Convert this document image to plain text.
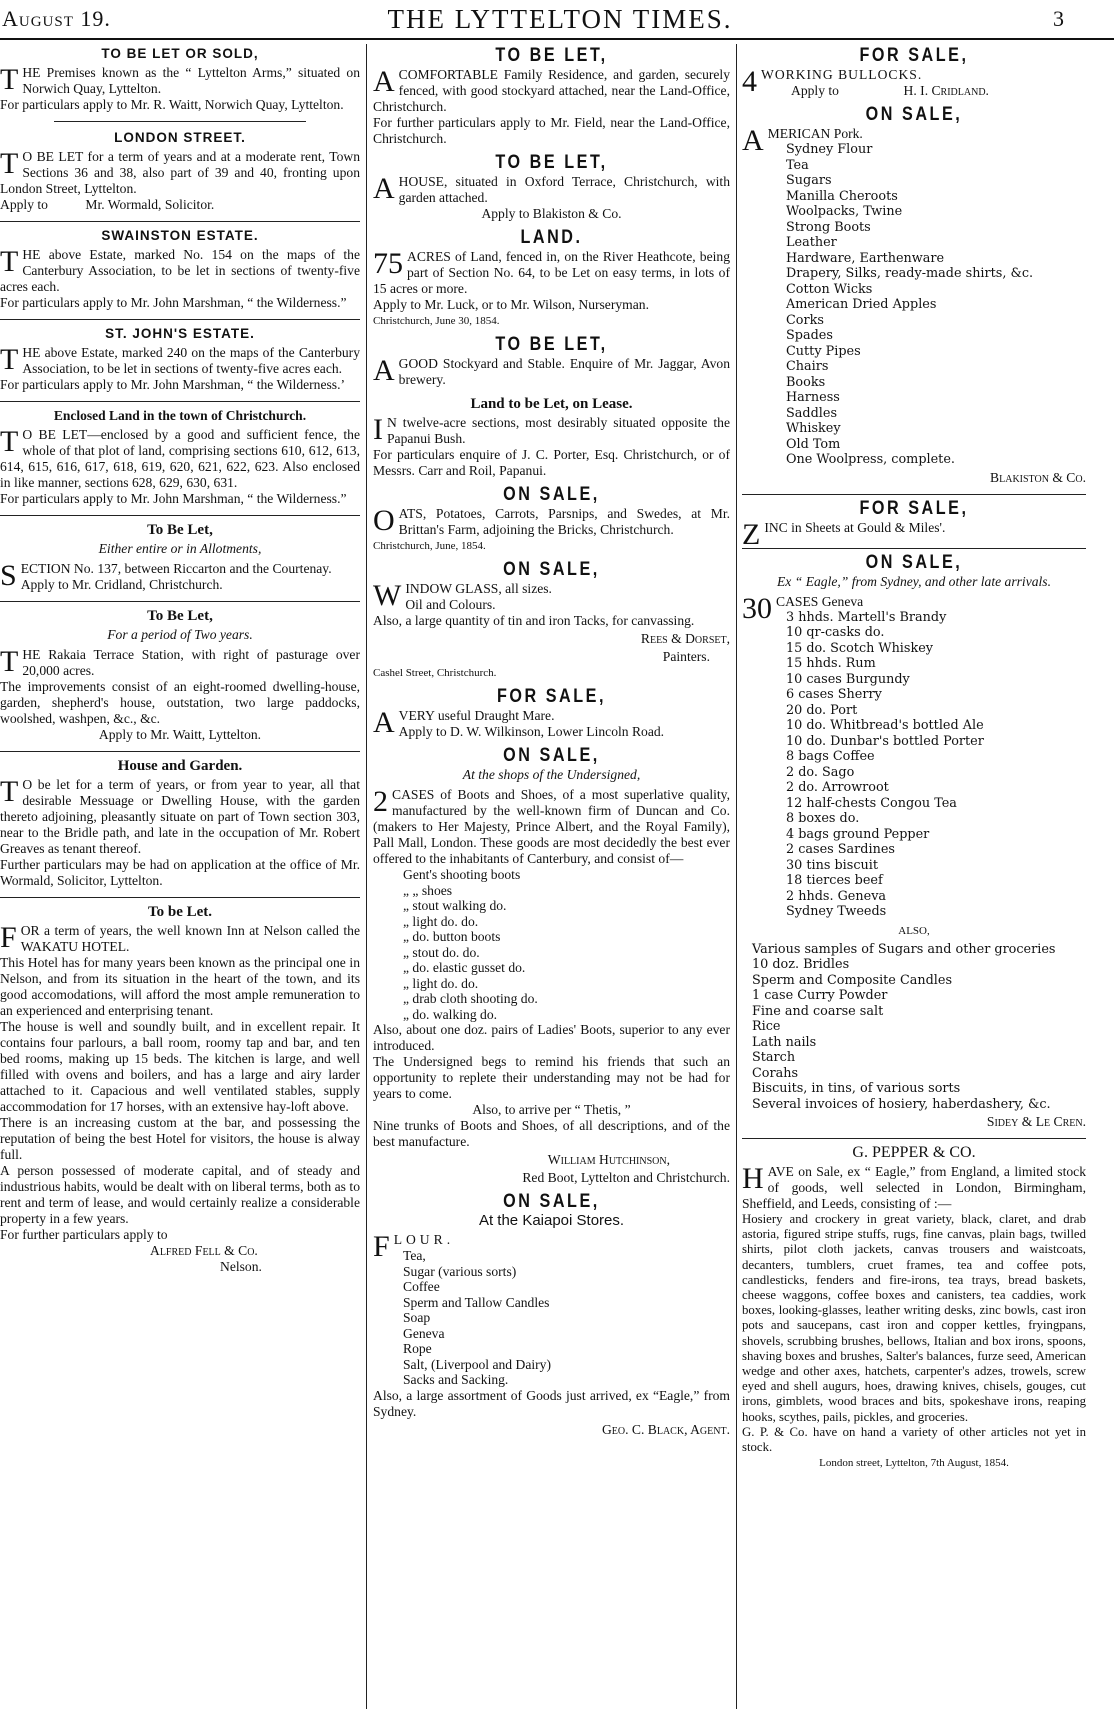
August 19.	THE LYTTELTON TIMES.	3
TO BE LET OR SOLD,

THE Premises known as the “ Lyttelton Arms,” situated on Norwich Quay, Lyttelton.

For particulars apply to Mr. R. Waitt, Norwich Quay, Lyttelton.

LONDON STREET.

T O BE LET for a term of years and at a moderate rent, Town Sections 36 and 38, also part of 39 and 40, fronting upon London Street, Lyttelton.

Apply to	Mr. Wormald, Solicitor.

SWAINSTON ESTATE.

THE above Estate, marked No. 154 on the maps of the Canterbury Association, to be let in sections of twenty-five acres each.

For particulars apply to Mr. John Marshman, “ the Wilderness.”

ST. JOHN'S ESTATE.

THE above Estate, marked 240 on the maps of the Canterbury Association, to be let in sections of twenty-five acres each.

For particulars apply to Mr. John Marshman, “ the Wilderness.’

Enclosed Land in the town of Christchurch.

T O BE LET—enclosed by a good and sufficient fence, the whole of that plot of land, comprising sections 610, 612, 613, 614, 615, 616, 617, 618, 619, 620, 621, 622, 623. Also enclosed in like manner, sections 628, 629, 630, 631.

For particulars apply to Mr. John Marshman, “ the Wilderness.”

To Be Let,
Either entire or in Allotments,

SECTION No. 137, between Riccarton and the Courtenay.

Apply to Mr. Cridland, Christchurch.

To Be Let,
For a period of Two years.

THE Rakaia Terrace Station, with right of pasturage over 20,000 acres.

The improvements consist of an eight-roomed dwelling-house, garden, shepherd's house, outstation, two large paddocks, woolshed, washpen, &c., &c.

Apply to Mr. Waitt, Lyttelton.

House and Garden.

T O be let for a term of years, or from year to year, all that desirable Messuage or Dwelling House, with the garden thereto adjoining, pleasantly situate on part of Town section 303, near to the Bridle path, and late in the occupation of Mr. Robert Greaves as tenant thereof.

Further particulars may be had on application at the office of Mr. Wormald, Solicitor, Lyttelton.

To be Let.

FOR a term of years, the well known Inn at Nelson called the WAKATU HOTEL.

This Hotel has for many years been known as the principal one in Nelson, and from its situation in the heart of the town, and its good accomodations, will afford the most ample remuneration to an experienced and enterprising tenant.

The house is well and soundly built, and in excellent repair. It contains four parlours, a ball room, roomy tap and bar, and ten bed rooms, making up 15 beds. The kitchen is large, and well filled with ovens and boilers, and has a large and airy larder attached to it. Capacious and well ventilated stables, supply accommodation for 17 horses, with an extensive hay-loft above.

There is an increasing custom at the bar, and possessing the reputation of being the best Hotel for visitors, the house is alway full.

A person possessed of moderate capital, and of steady and industrious habits, would be dealt with on liberal terms, both as to rent and term of lease, and would certainly realize a considerable property in a few years.

For further particulars apply to

Alfred Fell & Co.

Nelson.

TO BE LET,

ACOMFORTABLE Family Residence, and garden, securely fenced, with good stockyard attached, near the Land-Office, Christchurch.

For further particulars apply to Mr. Field, near the Land-Office, Christchurch.

TO BE LET,

AHOUSE, situated in Oxford Terrace, Christchurch, with garden attached.

Apply to Blakiston & Co.

LAND.

75 ACRES of Land, fenced in, on the River Heathcote, being part of Section No. 64, to be Let on easy terms, in lots of 15 acres or more.

Apply to Mr. Luck, or to Mr. Wilson, Nurseryman.

Christchurch, June 30, 1854.

TO BE LET,

AGOOD Stockyard and Stable. Enquire of Mr. Jaggar, Avon brewery.

Land to be Let, on Lease.

I N twelve-acre sections, most desirably situated opposite the Papanui Bush.

For particulars enquire of J. C. Porter, Esq. Christchurch, or of Messrs. Carr and Roil, Papanui.

ON SALE,

OATS, Potatoes, Carrots, Parsnips, and Swedes, at Mr. Brittan's Farm, adjoining the Bricks, Christchurch.

Christchurch, June, 1854.

ON SALE,

WINDOW GLASS, all sizes.

Oil and Colours.

Also, a large quantity of tin and iron Tacks, for canvassing.

Rees & Dorset,

Painters.

Cashel Street, Christchurch.

FOR SALE,

AVERY useful Draught Mare.

Apply to D. W. Wilkinson, Lower Lincoln Road.

ON SALE,
At the shops of the Undersigned,

2 CASES of Boots and Shoes, of a most superlative quality, manufactured by the well-known firm of Duncan and Co. (makers to Her Majesty, Prince Albert, and the Royal Family), Pall Mall, London. These goods are most decidedly the best ever offered to the inhabitants of Canterbury, and consist of—

Gent's shooting boots

„ „ shoes

„ stout walking do.

„ light do. do.

„ do. button boots

„ stout do. do.

„ do. elastic gusset do.

„ light do. do.

„ drab cloth shooting do.

„ do. walking do.

Also, about one doz. pairs of Ladies' Boots, superior to any ever introduced.

The Undersigned begs to remind his friends that such an opportunity to replete their understanding may not be had for years to come.

Also, to arrive per “ Thetis, ”

Nine trunks of Boots and Shoes, of all descriptions, and of the best manufacture.

William Hutchinson,

Red Boot, Lyttelton and Christchurch.

ON SALE,
At the Kaiapoi Stores.

FLOUR.

Tea,

Sugar (various sorts)

Coffee

Sperm and Tallow Candles

Soap

Geneva

Rope

Salt, (Liverpool and Dairy)

Sacks and Sacking.

Also, a large assortment of Goods just arrived, ex “Eagle,” from Sydney.

Geo. C. Black, Agent.

FOR SALE,

4 WORKING BULLOCKS.

Apply to	H. I. Cridland.

ON SALE,

AMERICAN Pork.

Sydney Flour

Tea

Sugars

Manilla Cheroots

Woolpacks, Twine

Strong Boots

Leather

Hardware, Earthenware

Drapery, Silks, ready-made shirts, &c.

Cotton Wicks

American Dried Apples

Corks

Spades

Cutty Pipes

Chairs

Books

Harness

Saddles

Whiskey

Old Tom

One Woolpress, complete.

Blakiston & Co.

FOR SALE,

ZINC in Sheets at Gould & Miles'.

ON SALE,
Ex “ Eagle,” from Sydney, and other late arrivals.

30 CASES Geneva

3 hhds. Martell's Brandy

10 qr-casks do.

15 do. Scotch Whiskey

15 hhds. Rum

10 cases Burgundy

6 cases Sherry

20 do. Port

10 do. Whitbread's bottled Ale

10 do. Dunbar's bottled Porter

8 bags Coffee

2 do. Sago

2 do. Arrowroot

12 half-chests Congou Tea

8 boxes do.

4 bags ground Pepper

2 cases Sardines

30 tins biscuit

18 tierces beef

2 hhds. Geneva

Sydney Tweeds

ALSO,

Various samples of Sugars and other groceries

10 doz. Bridles

Sperm and Composite Candles

1 case Curry Powder

Fine and coarse salt

Rice

Lath nails

Starch

Corahs

Biscuits, in tins, of various sorts

Several invoices of hosiery, haberdashery, &c.

Sidey & Le Cren.

G. PEPPER & CO.

HAVE on Sale, ex “ Eagle,” from England, a limited stock of goods, well selected in London, Birmingham, Sheffield, and Leeds, consisting of :—

Hosiery and crockery in great variety, black, claret, and drab astoria, figured stripe stuffs, rugs, fine canvas, plain bags, twilled shirts, pilot cloth jackets, canvas trousers and waistcoats, decanters, tumblers, cruet frames, tea and coffee pots, candlesticks, fenders and fire-irons, tea trays, bread baskets, cheese waggons, coffee boxes and canisters, tea caddies, work boxes, looking-glasses, leather writing desks, zinc bowls, cast iron pots and saucepans, cast iron and copper kettles, fryingpans, shovels, scrubbing brushes, bellows, Italian and box irons, spoons, shaving boxes and brushes, Salter's balances, furze seed, American wedge and other axes, hatchets, carpenter's adzes, trowels, screw eyed and shell augurs, hoes, drawing knives, chisels, gouges, cut irons, gimblets, wood braces and bits, spokeshave irons, reaping hooks, scythes, pails, pickles, and groceries.

G. P. & Co. have on hand a variety of other articles not yet in stock.

London street, Lyttelton, 7th August, 1854.
